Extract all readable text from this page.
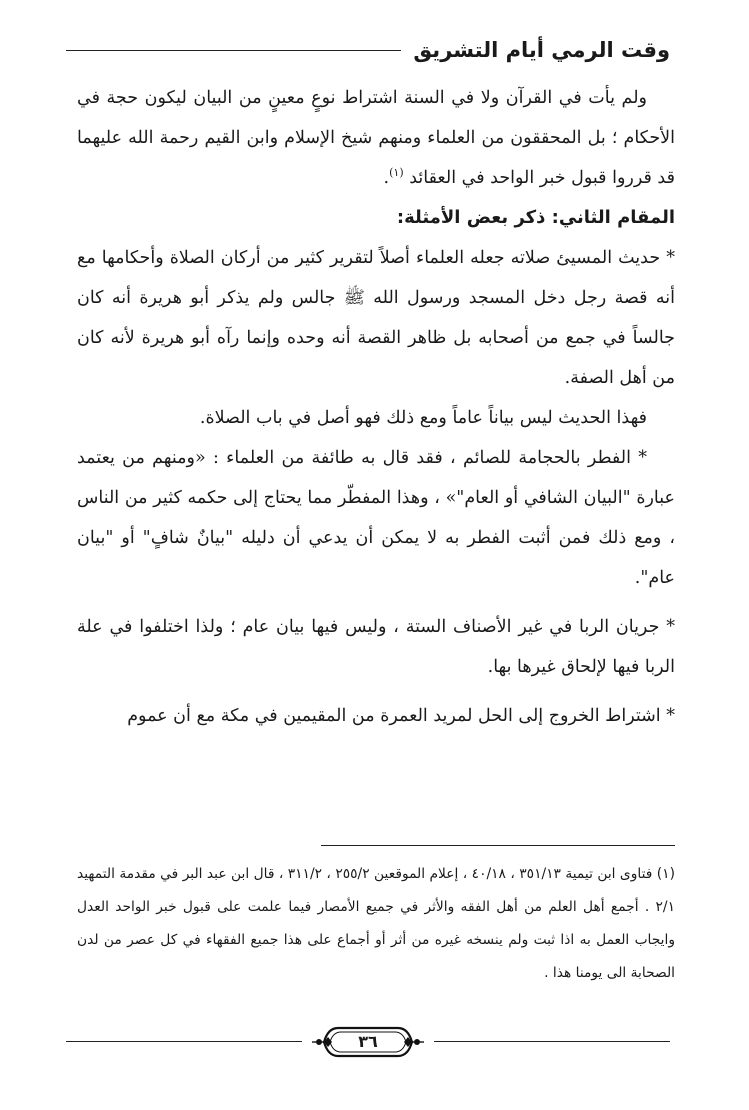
وقت الرمي أيام التشريق

ولم يأت في القرآن ولا في السنة اشتراط نوعٍ معينٍ من البيان ليكون حجة في الأحكام ؛ بل المحققون من العلماء ومنهم شيخ الإسلام وابن القيم رحمة الله عليهما قد قرروا قبول خبر الواحد في العقائد $^{(١)}$.

المقام الثاني: ذكر بعض الأمثلة:

* حديث المسيئ صلاته جعله العلماء أصلاً لتقرير كثير من أركان الصلاة وأحكامها مع أنه قصة رجل دخل المسجد ورسول الله ﷺ جالس ولم يذكر أبو هريرة أنه كان جالساً في جمع من أصحابه بل ظاهر القصة أنه وحده وإنما رآه أبو هريرة لأنه كان من أهل الصفة.

فهذا الحديث ليس بياناً عاماً ومع ذلك فهو أصل في باب الصلاة.

* الفطر بالحجامة للصائم ، فقد قال به طائفة من العلماء : «ومنهم من يعتمد عبارة "البيان الشافي أو العام"» ، وهذا المفطّر مما يحتاج إلى حكمه كثير من الناس ، ومع ذلك فمن أثبت الفطر به لا يمكن أن يدعي أن دليله "بيانٌ شافٍ" أو "بيان عام".

* جريان الربا في غير الأصناف الستة ، وليس فيها بيان عام ؛ ولذا اختلفوا في علة الربا فيها لإلحاق غيرها بها.

* اشتراط الخروج إلى الحل لمريد العمرة من المقيمين في مكة مع أن عموم

(١) فتاوى ابن تيمية ٣٥١/١٣ ، ٤٠/١٨ ، إعلام الموقعين ٢٥٥/٢ ، ٣١١/٢ ، قال ابن عبد البر في مقدمة التمهيد ٢/١ . أجمع أهل العلم من أهل الفقه والأثر في جميع الأمصار فيما علمت على قبول خبر الواحد العدل وايجاب العمل به اذا ثبت ولم ينسخه غيره من أثر أو أجماع على هذا جميع الفقهاء في كل عصر من لدن الصحابة الى يومنا هذا .

٣٦
